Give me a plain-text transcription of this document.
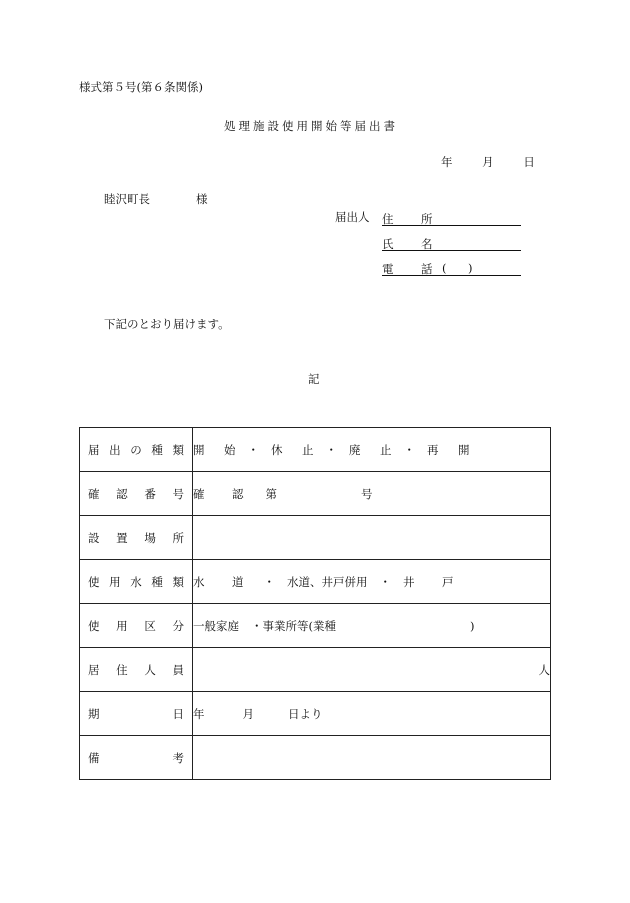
様式第５号(第６条関係)
処理施設使用開始等届出書
年	月	日
睦沢町長	様
届出人 住　所
氏　名
電　話 ( )
下記のとおり届けます。
記
届出の種類	開　始 ・ 休　止 ・ 廃　止 ・ 再　開
確認番号	確　認 第 号
設置場所	
使用水種類	水　道 ・ 水道、井戸併用 ・ 井　戸
使用区分	一般家庭 ・事業所等(業種 )
居住人員	人
期日	年 月 日より
備考	
